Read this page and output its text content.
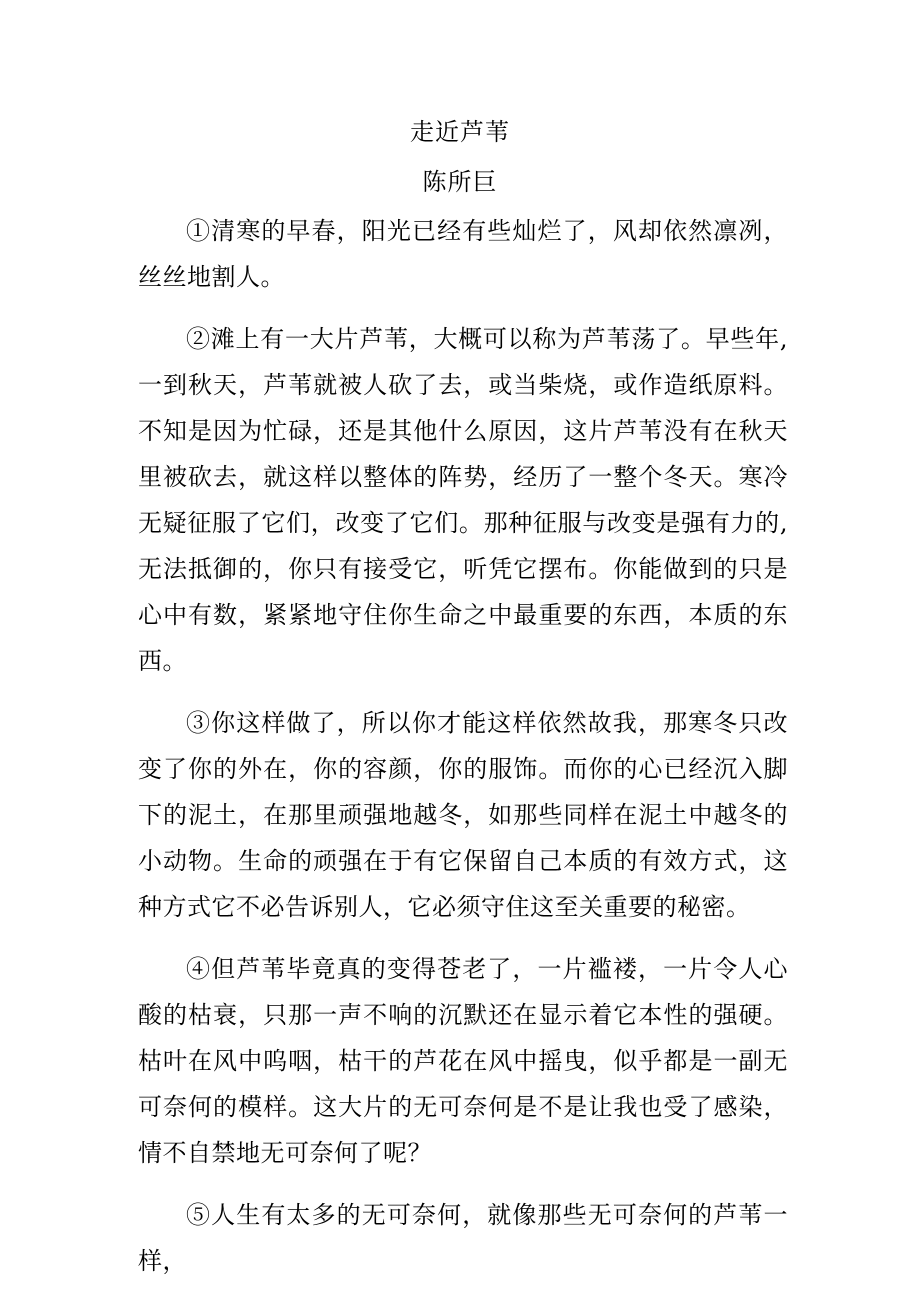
走近芦苇
陈所巨

①清寒的早春，阳光已经有些灿烂了，风却依然凛冽，丝丝地割人。

②滩上有一大片芦苇，大概可以称为芦苇荡了。早些年,一到秋天，芦苇就被人砍了去，或当柴烧，或作造纸原料。不知是因为忙碌，还是其他什么原因，这片芦苇没有在秋天里被砍去，就这样以整体的阵势，经历了一整个冬天。寒冷无疑征服了它们，改变了它们。那种征服与改变是强有力的,无法抵御的，你只有接受它，听凭它摆布。你能做到的只是心中有数，紧紧地守住你生命之中最重要的东西，本质的东西。

③你这样做了，所以你才能这样依然故我，那寒冬只改变了你的外在，你的容颜，你的服饰。而你的心已经沉入脚下的泥土，在那里顽强地越冬，如那些同样在泥土中越冬的小动物。生命的顽强在于有它保留自己本质的有效方式，这种方式它不必告诉别人，它必须守住这至关重要的秘密。

④但芦苇毕竟真的变得苍老了，一片褴褛，一片令人心酸的枯衰，只那一声不响的沉默还在显示着它本性的强硬。枯叶在风中呜咽，枯干的芦花在风中摇曳，似乎都是一副无可奈何的模样。这大片的无可奈何是不是让我也受了感染，情不自禁地无可奈何了呢？

⑤人生有太多的无可奈何，就像那些无可奈何的芦苇一样，
